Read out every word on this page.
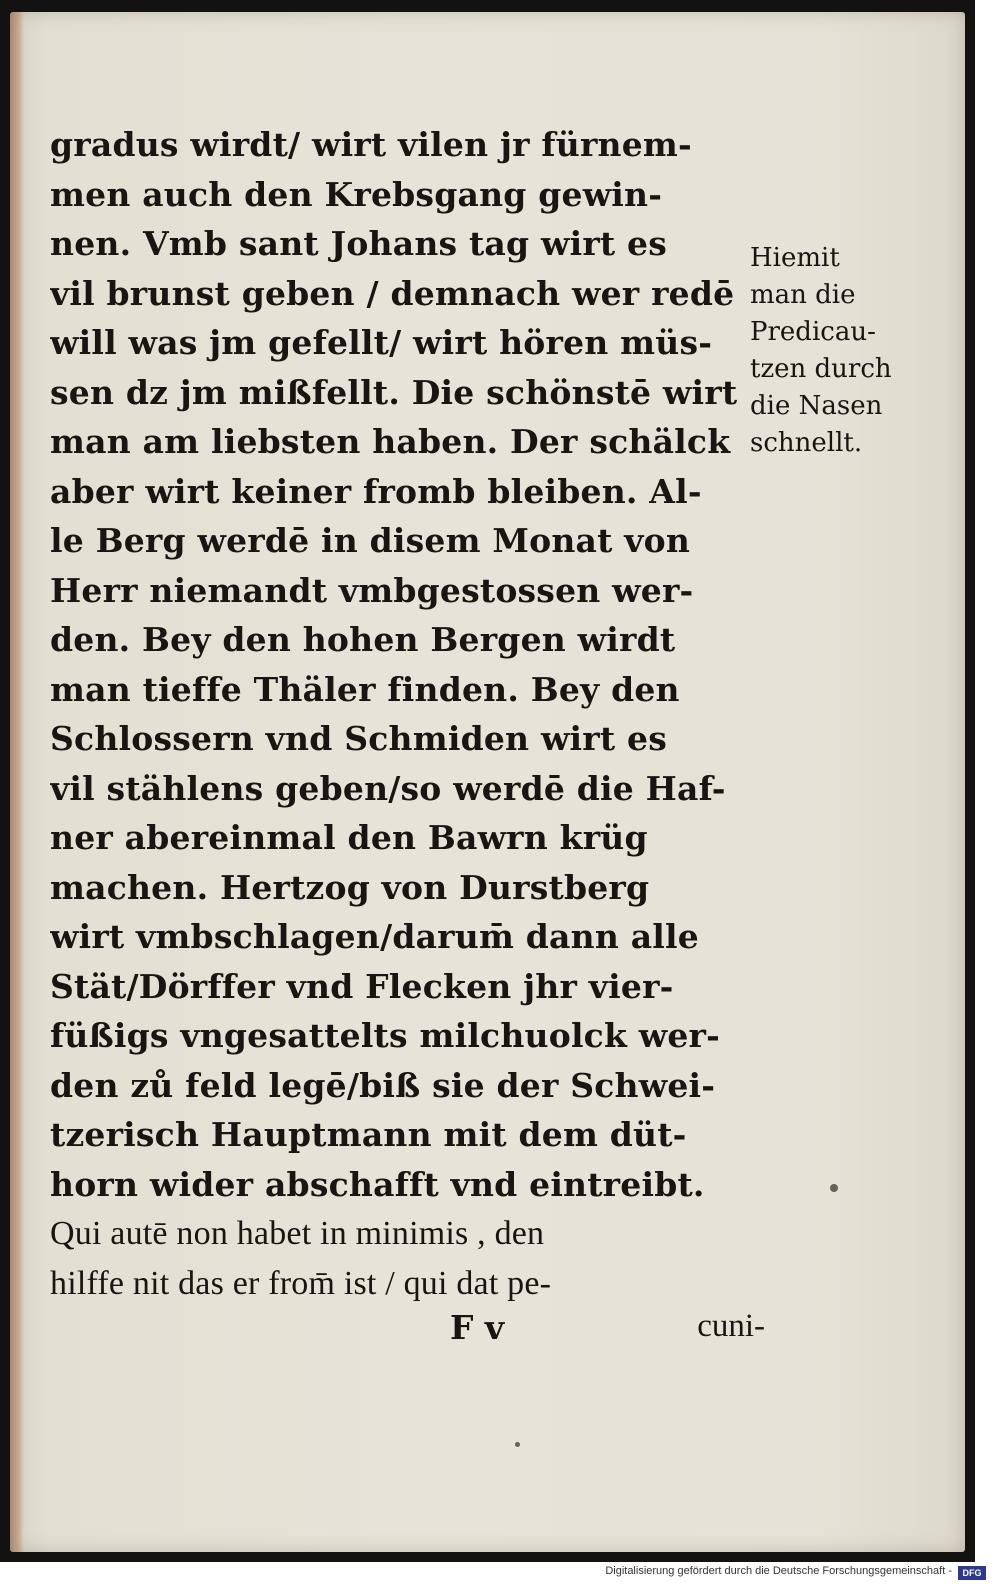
gradus wirdt/ wirt vilen jr fürnem-
men auch den Krebsgang gewin-
nen. Vmb sant Johans tag wirt es
vil brunst geben / demnach wer redē
will was jm gefellt/ wirt hören müs-
sen dz jm mißfellt. Die schönstē wirt
man am liebsten haben. Der schälck
aber wirt keiner fromb bleiben. Al-
le Berg werdē in disem Monat von
Herr niemandt vmbgestossen wer-
den. Bey den hohen Bergen wirdt
man tieffe Thäler finden. Bey den
Schlossern vnd Schmiden wirt es
vil stählens geben/so werdē die Haf-
ner abereinmal den Bawrn krüg
machen. Hertzog von Durstberg
wirt vmbschlagen/darum̄ dann alle
Stät/Dörffer vnd Flecken jhr vier-
füßigs vngesattelts milchuolck wer-
den zů feld legē/biß sie der Schwei-
tzerisch Hauptmann mit dem düt-
horn wider abschafft vnd eintreibt.
Qui autē non habet in minimis , den
hilffe nit das er from̄ ist / qui dat pe-
F v	cuni-
Hiemit
man die
Predicau-
tzen durch
die Nasen
schnellt.
Digitalisierung gefördert durch die Deutsche Forschungsgemeinschaft -	DFG
